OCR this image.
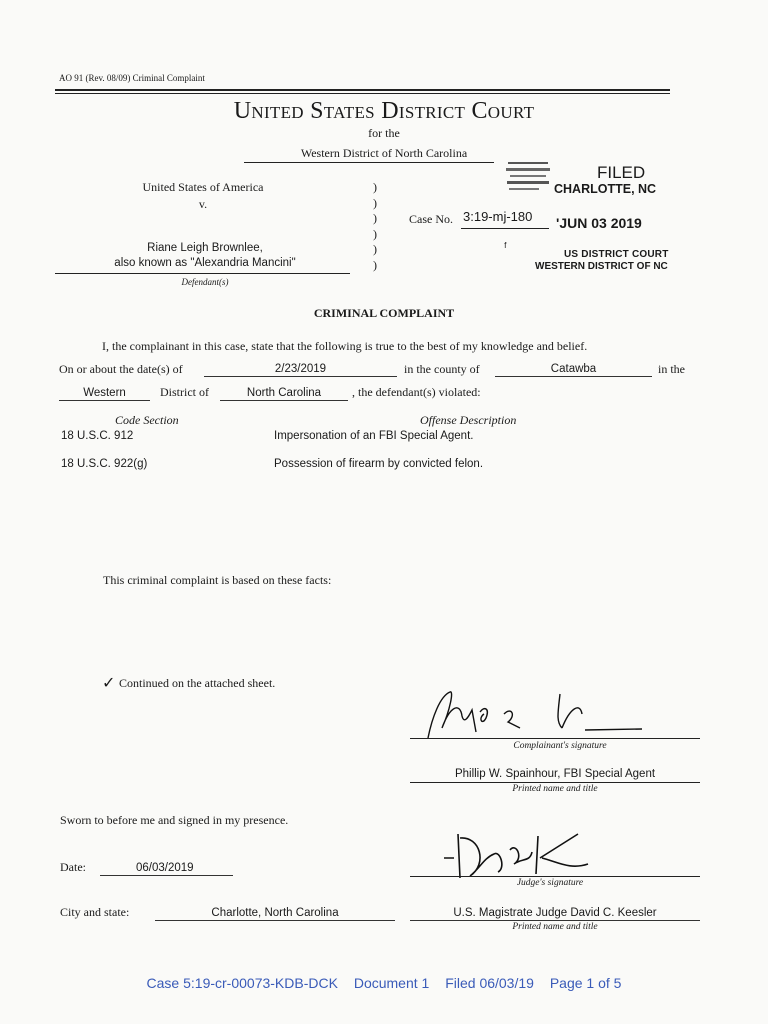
AO 91 (Rev. 08/09) Criminal Complaint
United States District Court
for the
Western District of North Carolina
United States of America
v.
Riane Leigh Brownlee,
also known as "Alexandria Mancini"
Defendant(s)
)
)
)
)
)
)
Case No. 3:19-mj-180
FILED
CHARLOTTE, NC
'JUN 03 2019
ᶠ
US DISTRICT COURT
WESTERN DISTRICT OF NC
CRIMINAL COMPLAINT
I, the complainant in this case, state that the following is true to the best of my knowledge and belief.
On or about the date(s) of	2/23/2019	in the county of	Catawba	in the
Western	District of	North Carolina	, the defendant(s) violated:
Code Section	Offense Description
18 U.S.C. 912	Impersonation of an FBI Special Agent.
18 U.S.C. 922(g)	Possession of firearm by convicted felon.
This criminal complaint is based on these facts:
✓ Continued on the attached sheet.
Complainant's signature
Phillip W. Spainhour, FBI Special Agent
Printed name and title
Sworn to before me and signed in my presence.
Date:	06/03/2019
Judge's signature
City and state:	Charlotte, North Carolina	U.S. Magistrate Judge David C. Keesler
Printed name and title
Case 5:19-cr-00073-KDB-DCK Document 1 Filed 06/03/19 Page 1 of 5
